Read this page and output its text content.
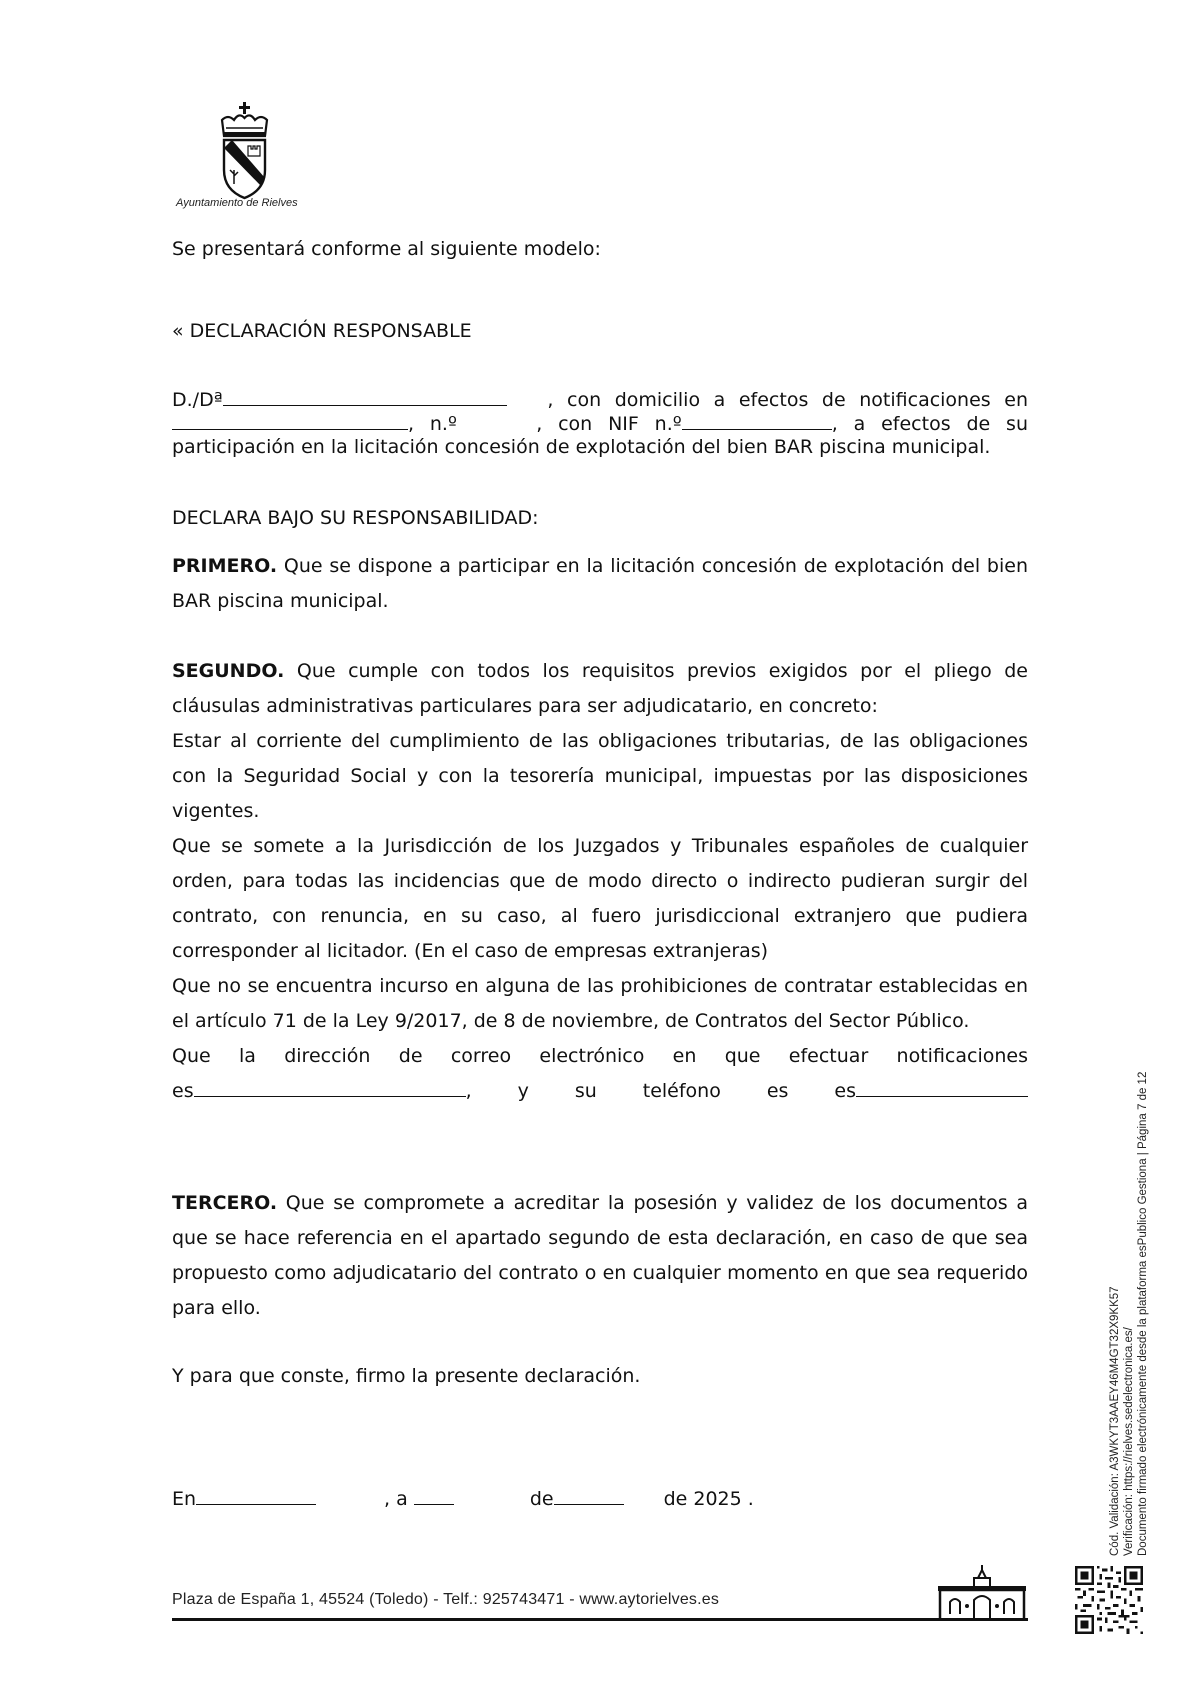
Ayuntamiento de Rielves

Se presentará conforme al siguiente modelo:

« DECLARACIÓN RESPONSABLE

D./Dª	, con domicilio a efectos de notificaciones en, n.º	, con NIF n.º	, a efectos de su participación en la licitación concesión de explotación del bien BAR piscina municipal.

DECLARA BAJO SU RESPONSABILIDAD:

PRIMERO. Que se dispone a participar en la licitación concesión de explotación del bien BAR piscina municipal.

SEGUNDO. Que cumple con todos los requisitos previos exigidos por el pliego de cláusulas administrativas particulares para ser adjudicatario, en concreto:

Estar al corriente del cumplimiento de las obligaciones tributarias, de las obligaciones con la Seguridad Social y con la tesorería municipal, impuestas por las disposiciones vigentes.

Que se somete a la Jurisdicción de los Juzgados y Tribunales españoles de cualquier orden, para todas las incidencias que de modo directo o indirecto pudieran surgir del contrato, con renuncia, en su caso, al fuero jurisdiccional extranjero que pudiera corresponder al licitador. (En el caso de empresas extranjeras)

Que no se encuentra incurso en alguna de las prohibiciones de contratar establecidas en el artículo 71 de la Ley 9/2017, de 8 de noviembre, de Contratos del Sector Público.

Que la dirección de correo electrónico en que efectuar notificaciones

es	, y su teléfono es es

TERCERO. Que se compromete a acreditar la posesión y validez de los documentos a que se hace referencia en el apartado segundo de esta declaración, en caso de que sea propuesto como adjudicatario del contrato o en cualquier momento en que sea requerido para ello.

Y para que conste, firmo la presente declaración.

En	, a	de	de 2025 .
Plaza de España 1, 45524 (Toledo) - Telf.: 925743471 - www.aytorielves.es
Cód. Validación: A3WKYT3AAEY46M4GT32X9KK57 Verificación: https://rielves.sedelectronica.es/ Documento firmado electrónicamente desde la plataforma esPublico Gestiona | Página 7 de 12
